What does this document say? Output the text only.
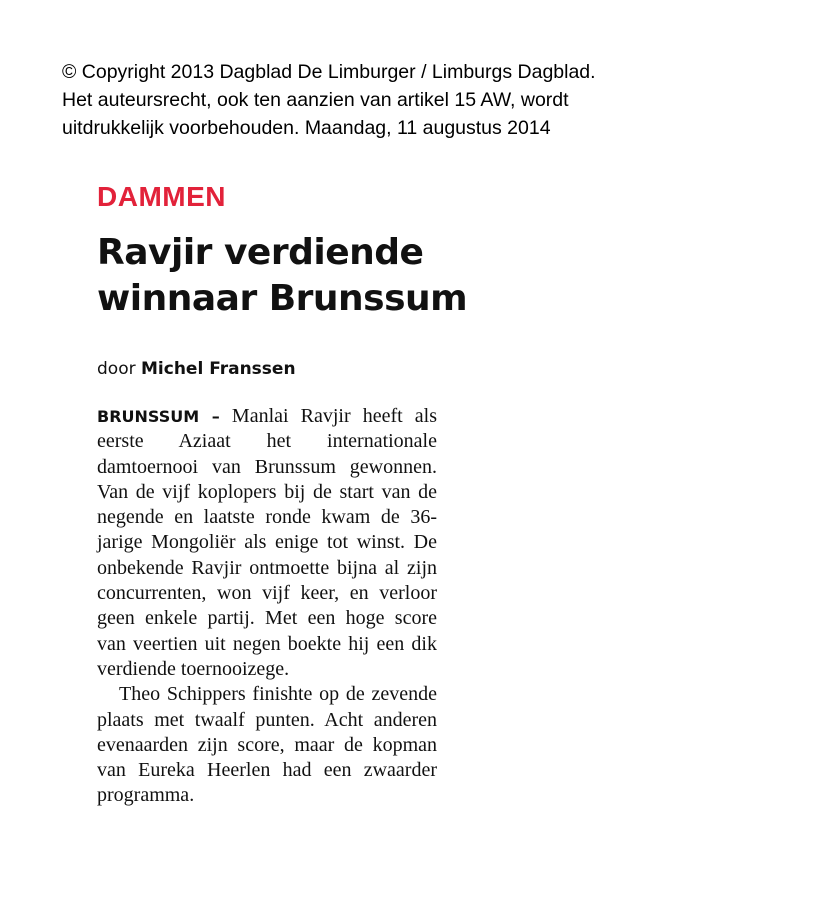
© Copyright 2013 Dagblad De Limburger / Limburgs Dagblad.
Het auteursrecht, ook ten aanzien van artikel 15 AW, wordt
uitdrukkelijk voorbehouden. Maandag, 11 augustus 2014
DAMMEN
Ravjir verdiende
winnaar Brunssum
door Michel Franssen

BRUNSSUM – Manlai Ravjir heeft als eerste Aziaat het internationale damtoernooi van Brunssum gewonnen. Van de vijf koplopers bij de start van de negende en laatste ronde kwam de 36-jarige Mongoliër als enige tot winst. De onbekende Ravjir ontmoette bijna al zijn concurrenten, won vijf keer, en verloor geen enkele partij. Met een hoge score van veertien uit negen boekte hij een dik verdiende toernooizege.

Theo Schippers finishte op de zevende plaats met twaalf punten. Acht anderen evenaarden zijn score, maar de kopman van Eureka Heerlen had een zwaarder programma.
